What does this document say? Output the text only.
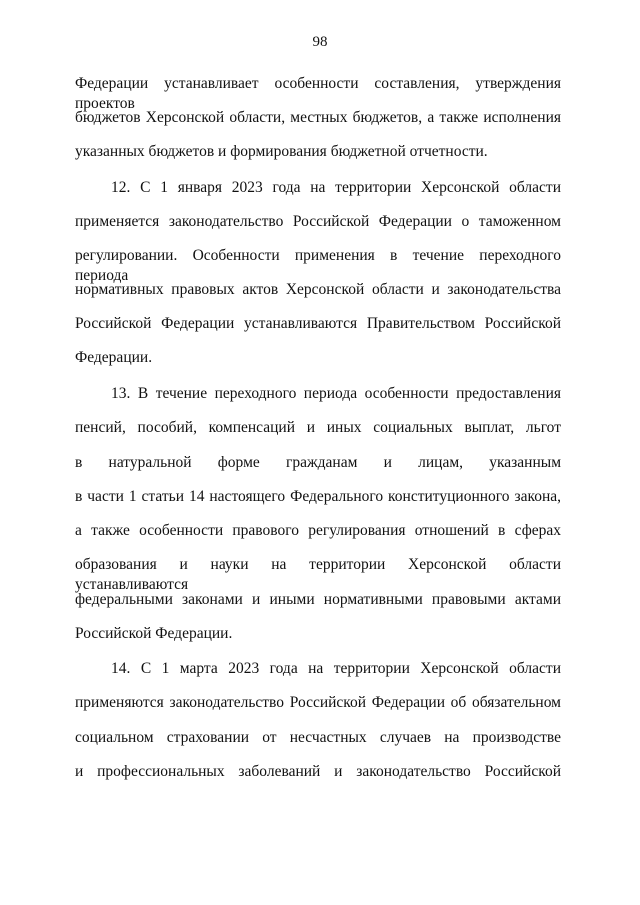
98
Федерации устанавливает особенности составления, утверждения проектов
бюджетов Херсонской области, местных бюджетов, а также исполнения
указанных бюджетов и формирования бюджетной отчетности.
12. С 1 января 2023 года на территории Херсонской области
применяется законодательство Российской Федерации о таможенном
регулировании. Особенности применения в течение переходного периода
нормативных правовых актов Херсонской области и законодательства
Российской Федерации устанавливаются Правительством Российской
Федерации.
13. В течение переходного периода особенности предоставления
пенсий, пособий, компенсаций и иных социальных выплат, льгот
в натуральной форме гражданам и лицам, указанным
в части 1 статьи 14 настоящего Федерального конституционного закона,
а также особенности правового регулирования отношений в сферах
образования и науки на территории Херсонской области устанавливаются
федеральными законами и иными нормативными правовыми актами
Российской Федерации.
14. С 1 марта 2023 года на территории Херсонской области
применяются законодательство Российской Федерации об обязательном
социальном страховании от несчастных случаев на производстве
и профессиональных заболеваний и законодательство Российской
